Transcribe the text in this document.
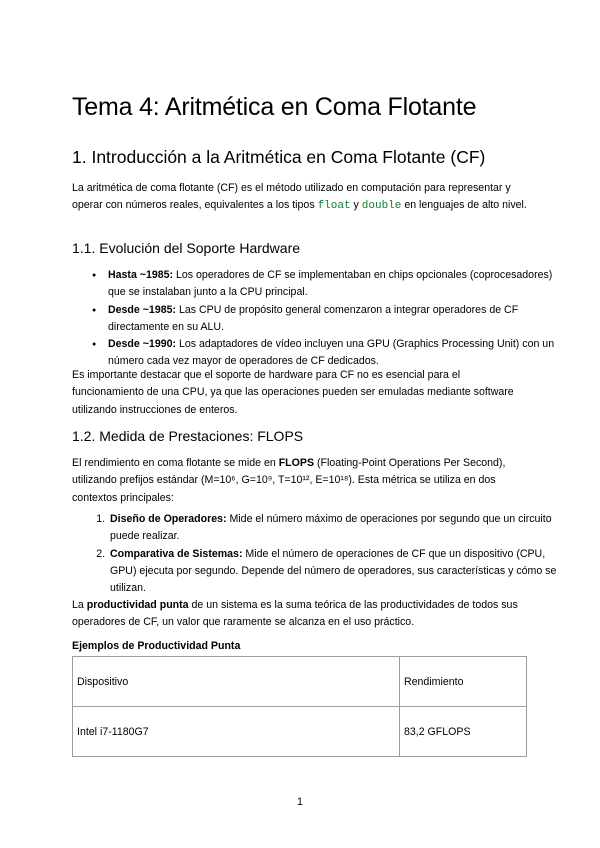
Tema 4: Aritmética en Coma Flotante
1. Introducción a la Aritmética en Coma Flotante (CF)

La aritmética de coma flotante (CF) es el método utilizado en computación para representar y operar con números reales, equivalentes a los tipos float y double en lenguajes de alto nivel.

1.1. Evolución del Soporte Hardware
● Hasta ~1985: Los operadores de CF se implementaban en chips opcionales (coprocesadores) que se instalaban junto a la CPU principal.
● Desde ~1985: Las CPU de propósito general comenzaron a integrar operadores de CF directamente en su ALU.
● Desde ~1990: Los adaptadores de vídeo incluyen una GPU (Graphics Processing Unit) con un número cada vez mayor de operadores de CF dedicados.

Es importante destacar que el soporte de hardware para CF no es esencial para el funcionamiento de una CPU, ya que las operaciones pueden ser emuladas mediante software utilizando instrucciones de enteros.

1.2. Medida de Prestaciones: FLOPS

El rendimiento en coma flotante se mide en FLOPS (Floating-Point Operations Per Second), utilizando prefijos estándar (M=10⁶, G=10⁹, T=10¹², E=10¹⁸). Esta métrica se utiliza en dos contextos principales:

1. Diseño de Operadores: Mide el número máximo de operaciones por segundo que un circuito puede realizar.
2. Comparativa de Sistemas: Mide el número de operaciones de CF que un dispositivo (CPU, GPU) ejecuta por segundo. Depende del número de operadores, sus características y cómo se utilizan.

La productividad punta de un sistema es la suma teórica de las productividades de todos sus operadores de CF, un valor que raramente se alcanza en el uso práctico.

Ejemplos de Productividad Punta
Dispositivo	Rendimiento
Intel i7-1180G7	83,2 GFLOPS
1
